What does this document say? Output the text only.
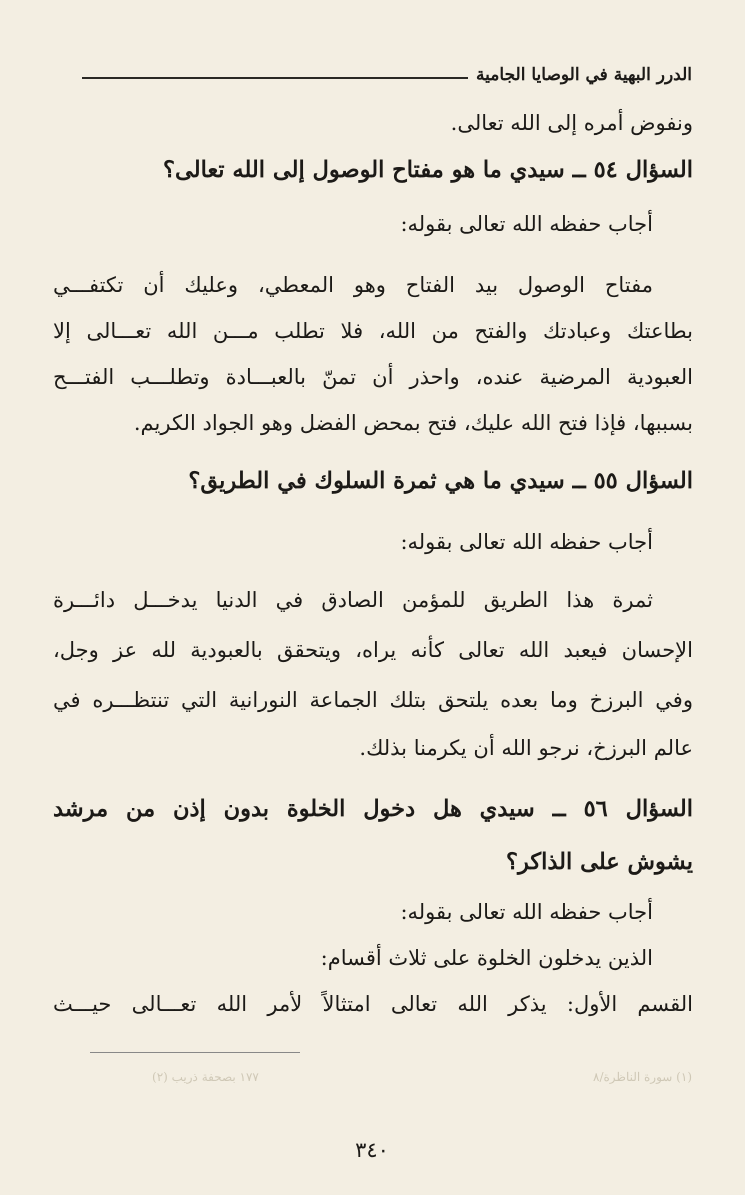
الدرر البهية في الوصايا الجامية
ونفوض أمره إلى الله تعالى.
السؤال ٥٤ ــ سيدي ما هو مفتاح الوصول إلى الله تعالى؟
أجاب حفظه الله تعالى بقوله:
مفتاح الوصول بيد الفتاح وهو المعطي، وعليك أن تكتفـــي
بطاعتك وعبادتك والفتح من الله، فلا تطلب مـــن الله تعـــالى إلا
العبودية المرضية عنده، واحذر أن تمنّ بالعبـــادة وتطلـــب الفتـــح
بسببها، فإذا فتح الله عليك، فتح بمحض الفضل وهو الجواد الكريم.
السؤال ٥٥ ــ سيدي ما هي ثمرة السلوك في الطريق؟
أجاب حفظه الله تعالى بقوله:
ثمرة هذا الطريق للمؤمن الصادق في الدنيا يدخـــل دائـــرة
الإحسان فيعبد الله تعالى كأنه يراه، ويتحقق بالعبودية لله عز وجل،
وفي البرزخ وما بعده يلتحق بتلك الجماعة النورانية التي تنتظـــره في
عالم البرزخ، نرجو الله أن يكرمنا بذلك.
السؤال ٥٦ ــ سيدي هل دخول الخلوة بدون إذن من مرشد
يشوش على الذاكر؟
أجاب حفظه الله تعالى بقوله:
الذين يدخلون الخلوة على ثلاث أقسام:
القسم الأول: يذكر الله تعالى امتثالاً لأمر الله تعـــالى حيـــث
(١) سورة الناظرة/٨
١٧٧ بصحفة ذريب (٢)
٣٤٠
